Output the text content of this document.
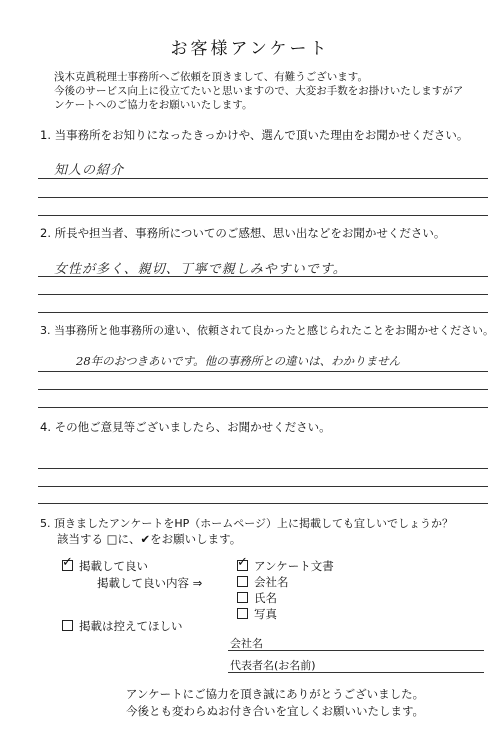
お客様アンケート
浅木克眞税理士事務所へご依頼を頂きまして、有難うございます。
今後のサービス向上に役立てたいと思いますので、大変お手数をお掛けいたしますがア
ンケートへのご協力をお願いいたします。
1. 当事務所をお知りになったきっかけや、選んで頂いた理由をお聞かせください。
知人の紹介
2. 所長や担当者、事務所についてのご感想、思い出などをお聞かせください。
女性が多く、親切、丁寧で親しみやすいです。
3. 当事務所と他事務所の違い、依頼されて良かったと感じられたことをお聞かせください。
28年のおつきあいです。他の事務所との違いは、わかりません
4. その他ご意見等ございましたら、お聞かせください。
5. 頂きましたアンケートをHP（ホームページ）上に掲載しても宜しいでしょうか？
該当する □に、✔をお願いします。
✓掲載して良い
掲載して良い内容 ⇒
✓アンケート文書
会社名
氏名
写真
掲載は控えてほしい
会社名
代表者名(お名前)
アンケートにご協力を頂き誠にありがとうございました。
今後とも変わらぬお付き合いを宜しくお願いいたします。
